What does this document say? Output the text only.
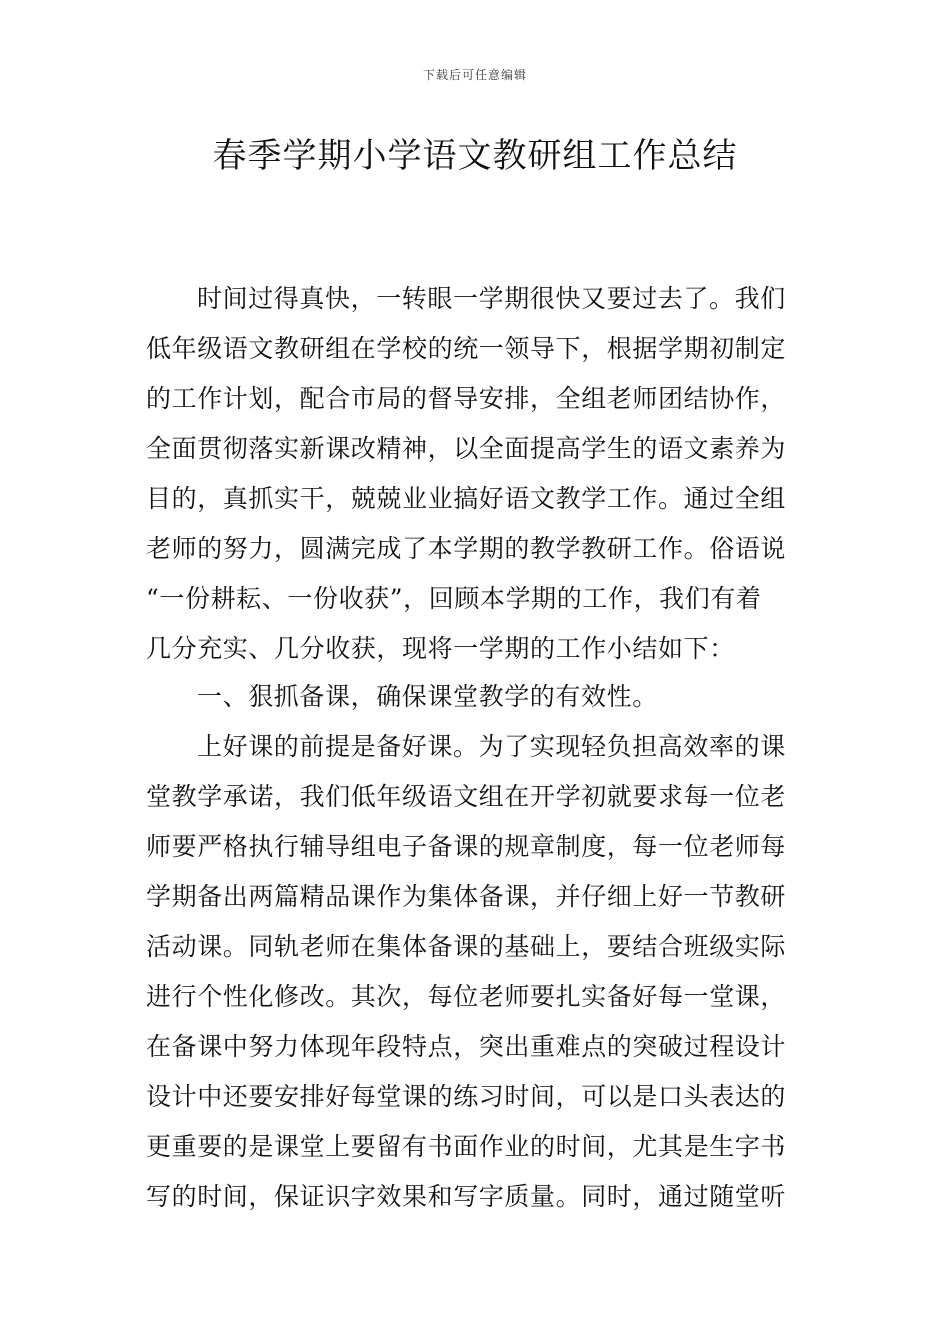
下载后可任意编辑
春季学期小学语文教研组工作总结
时间过得真快，一转眼一学期很快又要过去了。我们
低年级语文教研组在学校的统一领导下，根据学期初制定
的工作计划，配合市局的督导安排，全组老师团结协作，
全面贯彻落实新课改精神，以全面提高学生的语文素养为
目的，真抓实干，兢兢业业搞好语文教学工作。通过全组
老师的努力，圆满完成了本学期的教学教研工作。俗语说
“一份耕耘、一份收获”，回顾本学期的工作，我们有着
几分充实、几分收获，现将一学期的工作小结如下：
一、狠抓备课，确保课堂教学的有效性。
上好课的前提是备好课。为了实现轻负担高效率的课
堂教学承诺，我们低年级语文组在开学初就要求每一位老
师要严格执行辅导组电子备课的规章制度，每一位老师每
学期备出两篇精品课作为集体备课，并仔细上好一节教研
活动课。同轨老师在集体备课的基础上，要结合班级实际
进行个性化修改。其次，每位老师要扎实备好每一堂课，
在备课中努力体现年段特点，突出重难点的突破过程设计
设计中还要安排好每堂课的练习时间，可以是口头表达的
更重要的是课堂上要留有书面作业的时间，尤其是生字书
写的时间，保证识字效果和写字质量。同时，通过随堂听
